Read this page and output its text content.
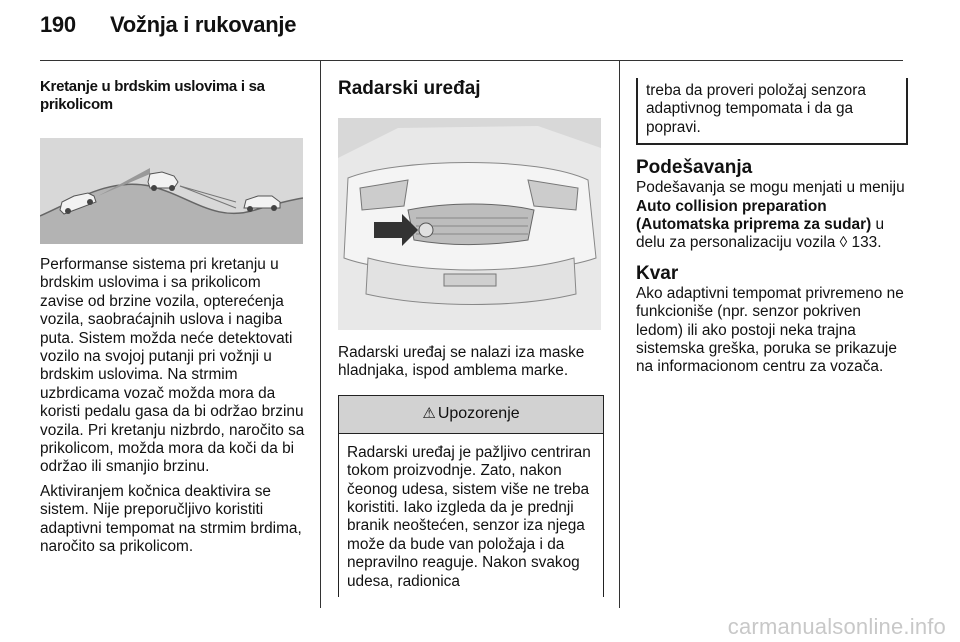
190 Vožnja i rukovanje
Kretanje u brdskim uslovima i sa prikolicom

Performanse sistema pri kretanju u brdskim uslovima i sa prikolicom zavise od brzine vozila, opterećenja vozila, saobraćajnih uslova i nagiba puta. Sistem možda neće detektovati vozilo na svojoj putanji pri vožnji u brdskim uslovima. Na strmim uzbrdicama vozač možda mora da koristi pedalu gasa da bi održao brzinu vozila. Pri kretanju nizbrdo, naročito sa prikolicom, možda mora da koči da bi održao ili smanjio brzinu.

Aktiviranjem kočnica deaktivira se sistem. Nije preporučljivo koristiti adaptivni tempomat na strmim brdima, naročito sa prikolicom.

Radarski uređaj

Radarski uređaj se nalazi iza maske hladnjaka, ispod amblema marke.

⚠ Upozorenje
Radarski uređaj je pažljivo centriran tokom proizvodnje. Zato, nakon čeonog udesa, sistem više ne treba koristiti. Iako izgleda da je prednji branik neoštećen, senzor iza njega može da bude van položaja i da nepravilno reaguje. Nakon svakog udesa, radionica

treba da proveri položaj senzora adaptivnog tempomata i da ga popravi.

Podešavanja

Podešavanja se mogu menjati u meniju Auto collision preparation (Automatska priprema za sudar) u delu za personalizaciju vozila ◊ 133.

Kvar

Ako adaptivni tempomat privremeno ne funkcioniše (npr. senzor pokriven ledom) ili ako postoji neka trajna sistemska greška, poruka se prikazuje na informacionom centru za vozača.

carmanualsonline.info
